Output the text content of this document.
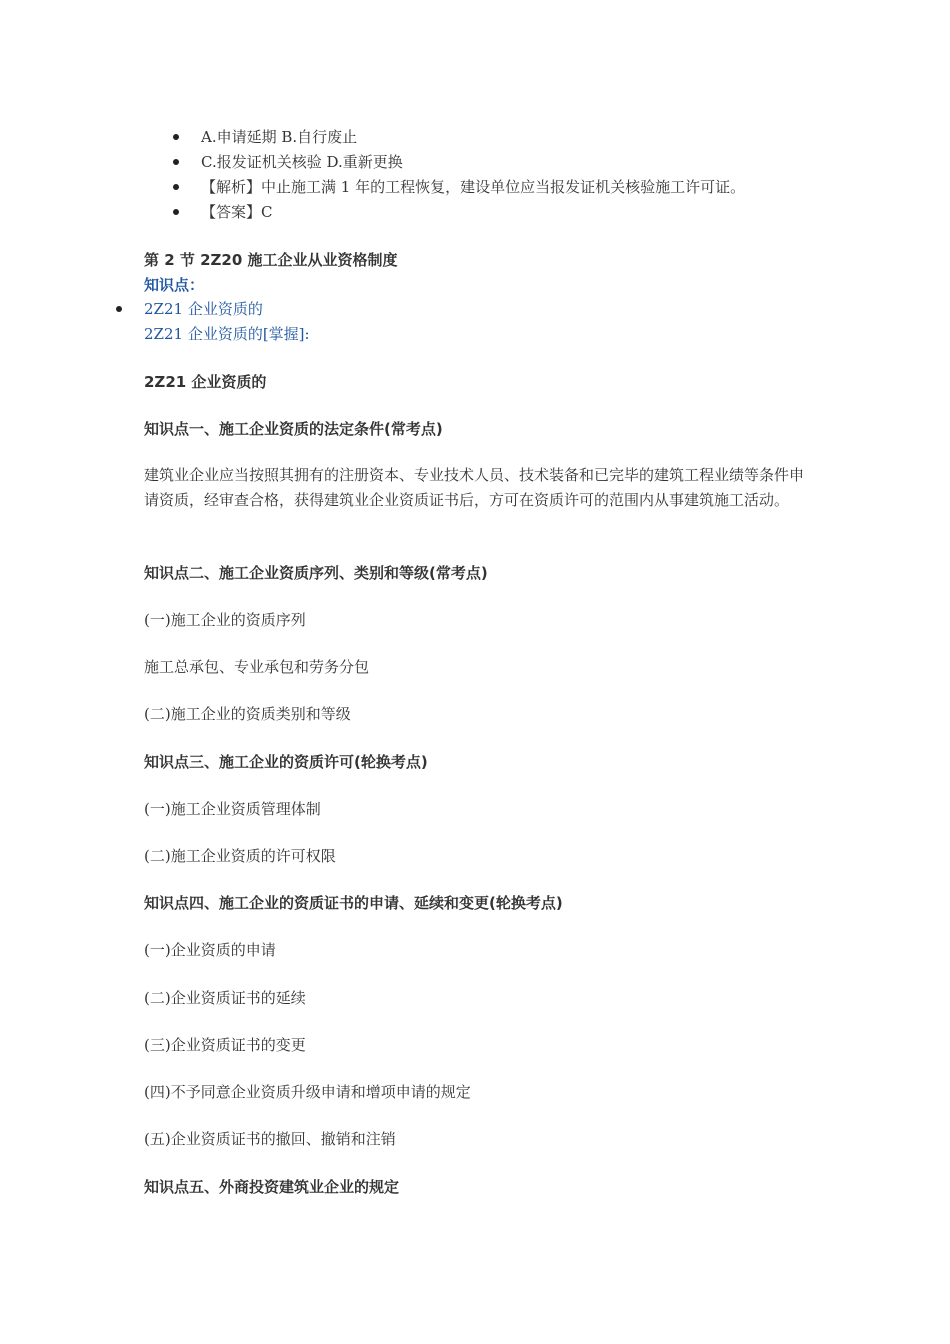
A.申请延期 B.自行废止
C.报发证机关核验 D.重新更换
【解析】中止施工满 1 年的工程恢复，建设单位应当报发证机关核验施工许可证。
【答案】C
第 2 节 2Z20 施工企业从业资格制度
知识点：
2Z21 企业资质的
2Z21 企业资质的[掌握]:
2Z21 企业资质的
知识点一、施工企业资质的法定条件(常考点)
建筑业企业应当按照其拥有的注册资本、专业技术人员、技术装备和已完毕的建筑工程业绩等条件申请资质，经审查合格，获得建筑业企业资质证书后，方可在资质许可的范围内从事建筑施工活动。
知识点二、施工企业资质序列、类别和等级(常考点)
(一)施工企业的资质序列
施工总承包、专业承包和劳务分包
(二)施工企业的资质类别和等级
知识点三、施工企业的资质许可(轮换考点)
(一)施工企业资质管理体制
(二)施工企业资质的许可权限
知识点四、施工企业的资质证书的申请、延续和变更(轮换考点)
(一)企业资质的申请
(二)企业资质证书的延续
(三)企业资质证书的变更
(四)不予同意企业资质升级申请和增项申请的规定
(五)企业资质证书的撤回、撤销和注销
知识点五、外商投资建筑业企业的规定
